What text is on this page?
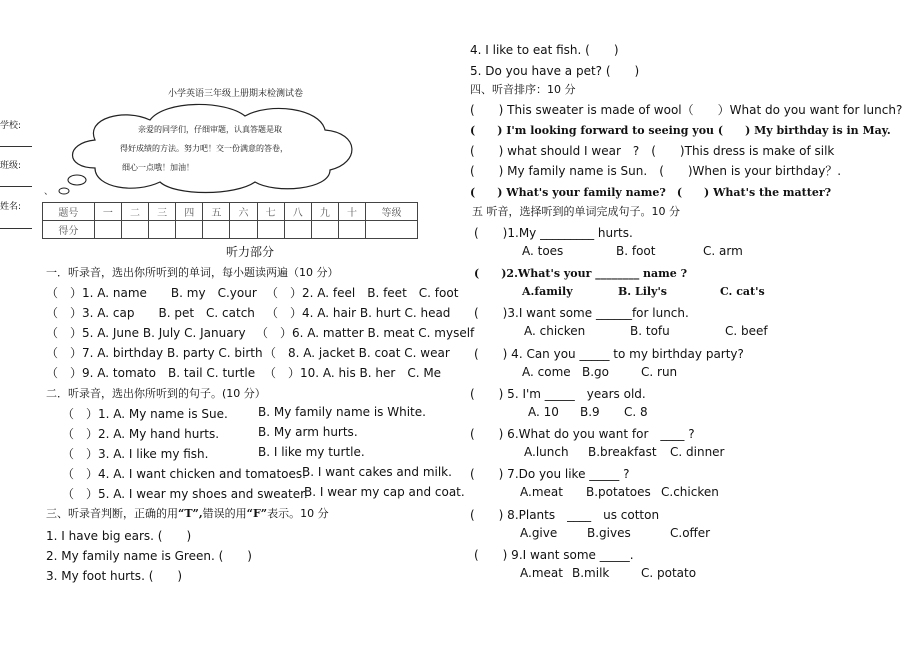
学校:
班级:
姓名:
、
小学英语三年级上册期末检测试卷
亲爱的同学们，仔细审题，认真答题是取
得好成绩的方法。努力吧！交一份满意的答卷，
细心一点哦！加油！
题号	一	二	三	四	五	六	七	八	九	十	等级
得分											
听力部分
一．听录音，选出你所听到的单词，每小题读两遍（10 分）
（　）1. A. name　　B. my　C.your （　）2. A. feel　B. feet　C. foot
（　）3. A. cap　　B. pet　C. catch （　）4. A. hair B. hurt C. head
（　）5. A. June B. July C. January （　）6. A. matter B. meat C. myself
（　）7. A. birthday B. party C. birth （　8. A. jacket B. coat C. wear
（　）9. A. tomato　B. tail C. turtle （　）10. A. his B. her　C. Me
二．听录音，选出你所听到的句子。(10 分）
（　）1. A. My name is Sue.	B. My family name is White.
（　）2. A. My hand hurts.	B. My arm hurts.
（　）3. A. I like my fish.	B. I like my turtle.
（　）4. A. I want chicken and tomatoes.
B. I want cakes and milk.
（　）5. A. I wear my shoes and sweater.
B. I wear my cap and coat.
三、听录音判断，正确的用“T”,错误的用“F”表示。10 分
1. I have big ears. (　　)
2. My family name is Green. (　　)
3. My foot hurts. (　　)
4. I like to eat fish. (　　)
5. Do you have a pet? (　　)
四、听音排序：10 分
(　　) This sweater is made of wool（　　）What do you want for lunch?
(　　) I'm looking forward to seeing you (　　) My birthday is in May.
(　　) what should I wear　?　(　　)This dress is make of silk
(　　) My family name is Sun.　(　　)When is your birthday？.
(　　) What's your family name?　(　　) What's the matter?
五 听音，选择听到的单词完成句子。10 分
(　　)1.My _________ hurts.
A. toes	B. foot	C. arm
(　　)2.What's your ________ name ?
A.family	B. Lily's	C. cat's
(　　)3.I want some ______for lunch.
A. chicken	B. tofu	C. beef
(　　) 4. Can you _____ to my birthday party?
A. come B.go	C. run
(　　) 5. I'm _____　years old.
A. 10 B.9 C. 8
(　　) 6.What do you want for　____ ?
A.lunch B.breakfast C. dinner
(　　) 7.Do you like _____ ?
A.meat B.potatoes C.chicken
(　　) 8.Plants　____　us cotton
A.give B.gives	C.offer
(　　) 9.I want some _____.
A.meat B.milk	C. potato
